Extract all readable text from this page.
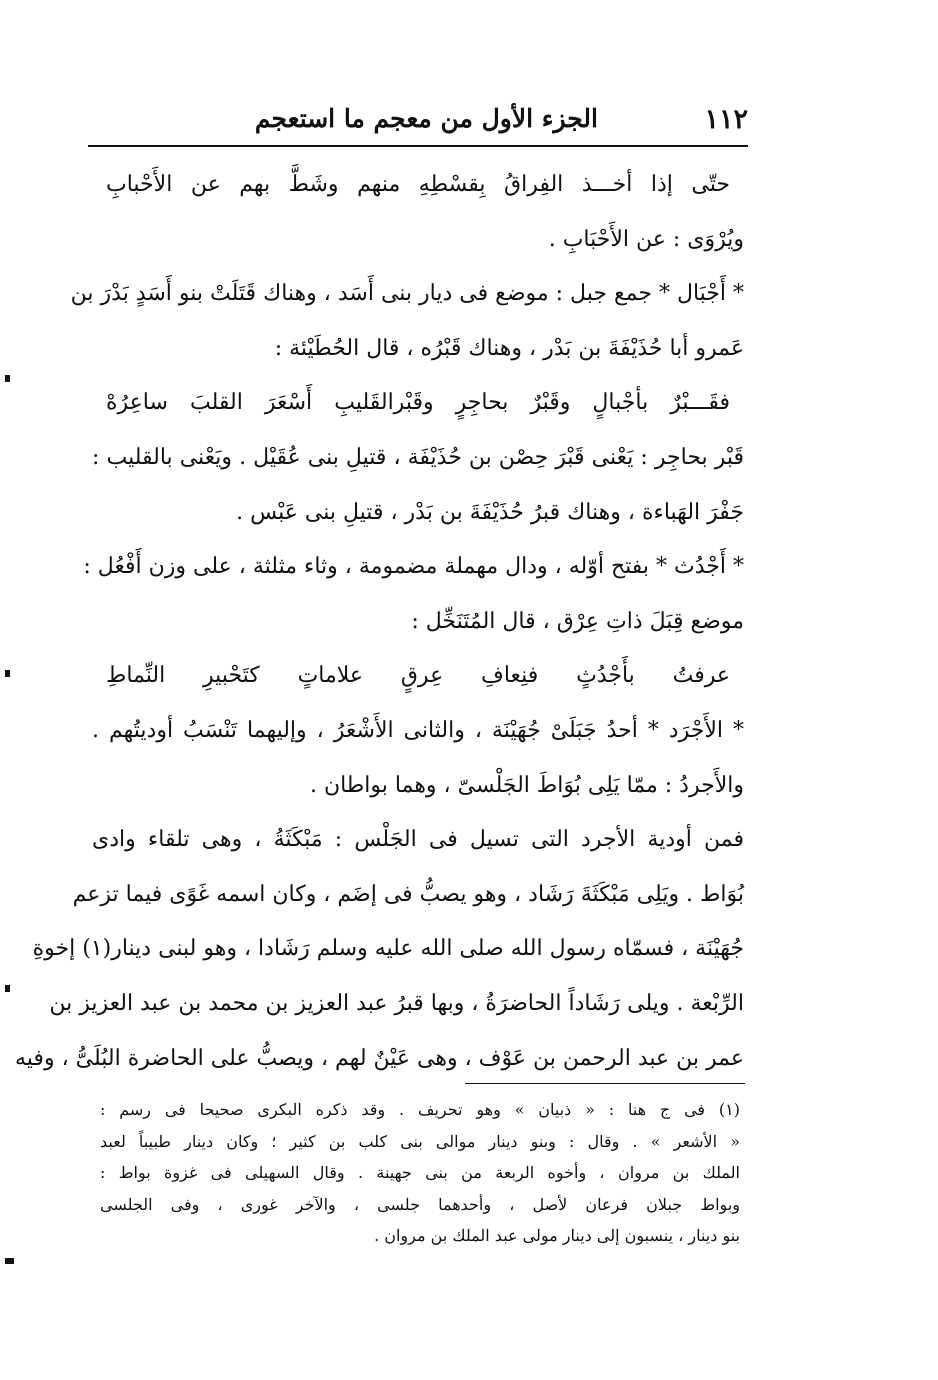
١١٢
الجزء الأول من معجم ما استعجم
حتّى إذا أخـــذ الفِراقُ بِقسْطِهِ منهم وشَطَّ بهم عن الأَحْبابِ
ويُرْوَى : عن الأَحْبَابِ .
* أَجْبَال * جمع جبل : موضع فى ديار بنى أَسَد ، وهناك قَتَلَتْ بنو أَسَدٍ بَدْرَ بن
عَمرو أبا حُذَيْفَةَ بن بَدْر ، وهناك قَبْرُه ، قال الحُطَيْئة :
فقَـــبْرٌ بأجْبالٍ وقَبْرٌ بحاجِرٍ وقَبْرالقَليبِ أَسْعَرَ القلبَ ساعِرُهْ
قَبْر بحاجِر : يَعْنى قَبْرَ حِصْن بن حُذَيْفَة ، قتيلِ بنى عُقَيْل . ويَعْنى بالقليب :
جَفْرَ الهَباءة ، وهناك قبرُ حُذَيْفَةَ بن بَدْر ، قتيلِ بنى عَبْس .
* أَجْدُث * بفتح أوّله ، ودال مهملة مضمومة ، وثاء مثلثة ، على وزن أَفْعُل :
موضع قِبَلَ ذاتِ عِرْق ، قال المُتَنَخِّل :
عرفتُ بأَجْدُثٍ فنِعافِ عِرقٍ علاماتٍ كتَحْبيرِ النِّماطِ
* الأَجْرَد * أحدُ جَبَلَىْ جُهَيْنَة ، والثانى الأَشْعَرُ ، وإليهما تَنْسَبُ أوديتُهم .
والأَجردُ : ممّا يَلِى بُوَاطَ الجَلْسىّ ، وهما بواطان .
فمن أودية الأجرد التى تسيل فى الجَلْس : مَبْكَثَةُ ، وهى تلقاء وادى
بُوَاط . ويَلِى مَبْكَثَةَ رَشَاد ، وهو يصبُّ فى إضَم ، وكان اسمه غَوًى فيما تزعم
جُهَيْنَة ، فسمّاه رسول الله صلى الله عليه وسلم رَشَادا ، وهو لبنى دينار(١) إخوةِ
الرِّبْعة . ويلى رَشَاداً الحاضرَةُ ، وبها قبرُ عبد العزيز بن محمد بن عبد العزيز بن
عمر بن عبد الرحمن بن عَوْف ، وهى عَيْنٌ لهم ، ويصبُّ على الحاضرة البُلَىُّ ، وفيه
(١) فى ج هنا : « ذبيان » وهو تحريف . وقد ذكره البكرى صحيحا فى رسم :
« الأشعر » . وقال : وبنو دينار موالى بنى كلب بن كثير ؛ وكان دينار طبيباً لعبد
الملك بن مروان ، وأخوه الربعة من بنى جهينة . وقال السهيلى فى غزوة بواط :
وبواط جبلان فرعان لأصل ، وأحدهما جلسى ، والآخر غورى ، وفى الجلسى
بنو دينار ، ينسبون إلى دينار مولى عبد الملك بن مروان .
